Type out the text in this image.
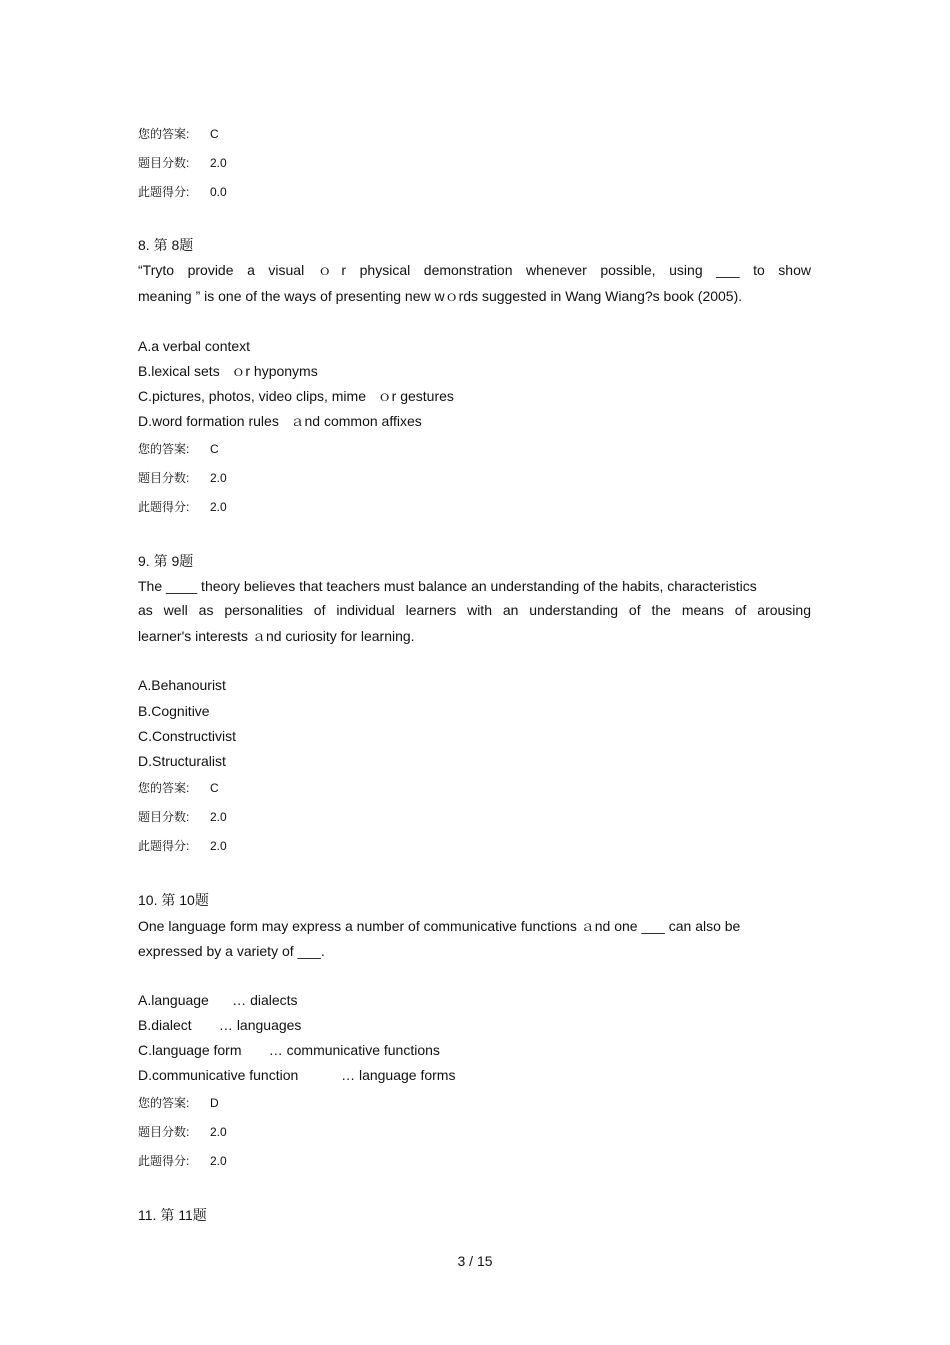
您的答案: C
题目分数: 2.0
此题得分: 0.0
8. 第 8题
“Tryto provide a visual ｏr physical demonstration whenever possible, using ___ to show
meaning ” is one of the ways of presenting new wｏrds suggested in Wang Wiang?s book (2005).
A.a verbal context
B.lexical sets   ｏr hyponyms
C.pictures, photos, video clips, mime   ｏr gestures
D.word formation rules   ａnd common affixes
您的答案: C
题目分数: 2.0
此题得分: 2.0
9. 第 9题
The ____ theory believes that teachers must balance an understanding of the habits, characteristics
as well as personalities of individual learners with an understanding of the means of arousing
learner's interests ａnd curiosity for learning.
A.Behanourist
B.Cognitive
C.Constructivist
D.Structuralist
您的答案: C
题目分数: 2.0
此题得分: 2.0
10. 第 10题
One language form may express a number of communicative functions ａnd one ___ can also be
expressed by a variety of ___.
A.language      … dialects
B.dialect       … languages
C.language form       … communicative functions
D.communicative function           … language forms
您的答案: D
题目分数: 2.0
此题得分: 2.0
11. 第 11题
3 / 15
